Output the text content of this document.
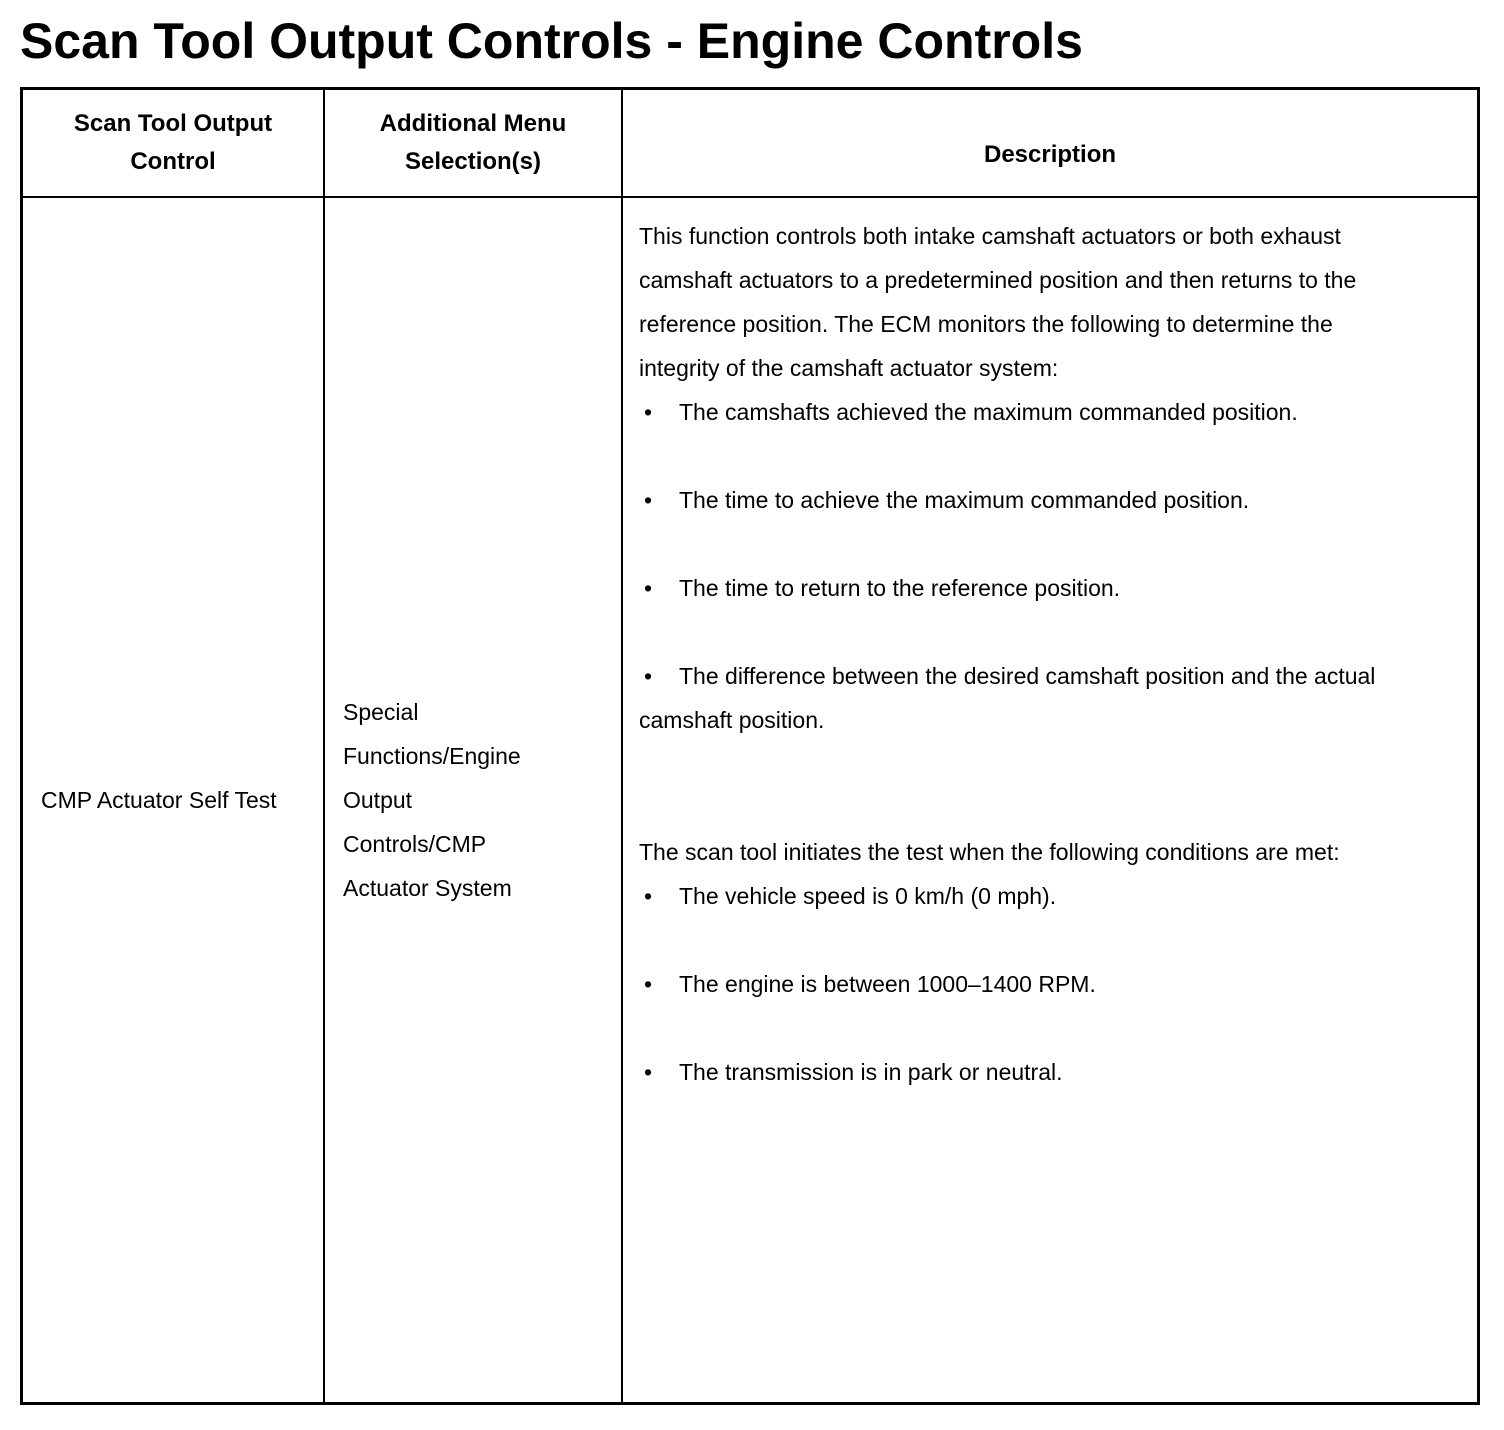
Scan Tool Output Controls - Engine Controls
Scan Tool Output Control
Additional Menu Selection(s)	Description
CMP Actuator Self Test
Special Functions/Engine Output Controls/CMP Actuator System

This function controls both intake camshaft actuators or both exhaust camshaft actuators to a predetermined position and then returns to the reference position. The ECM monitors the following to determine the integrity of the camshaft actuator system:

•The camshafts achieved the maximum commanded position.
•The time to achieve the maximum commanded position.
•The time to return to the reference position.
•The difference between the desired camshaft position and the actual camshaft position.

The scan tool initiates the test when the following conditions are met:

•The vehicle speed is 0 km/h (0 mph).
•The engine is between 1000–1400 RPM.
•The transmission is in park or neutral.
